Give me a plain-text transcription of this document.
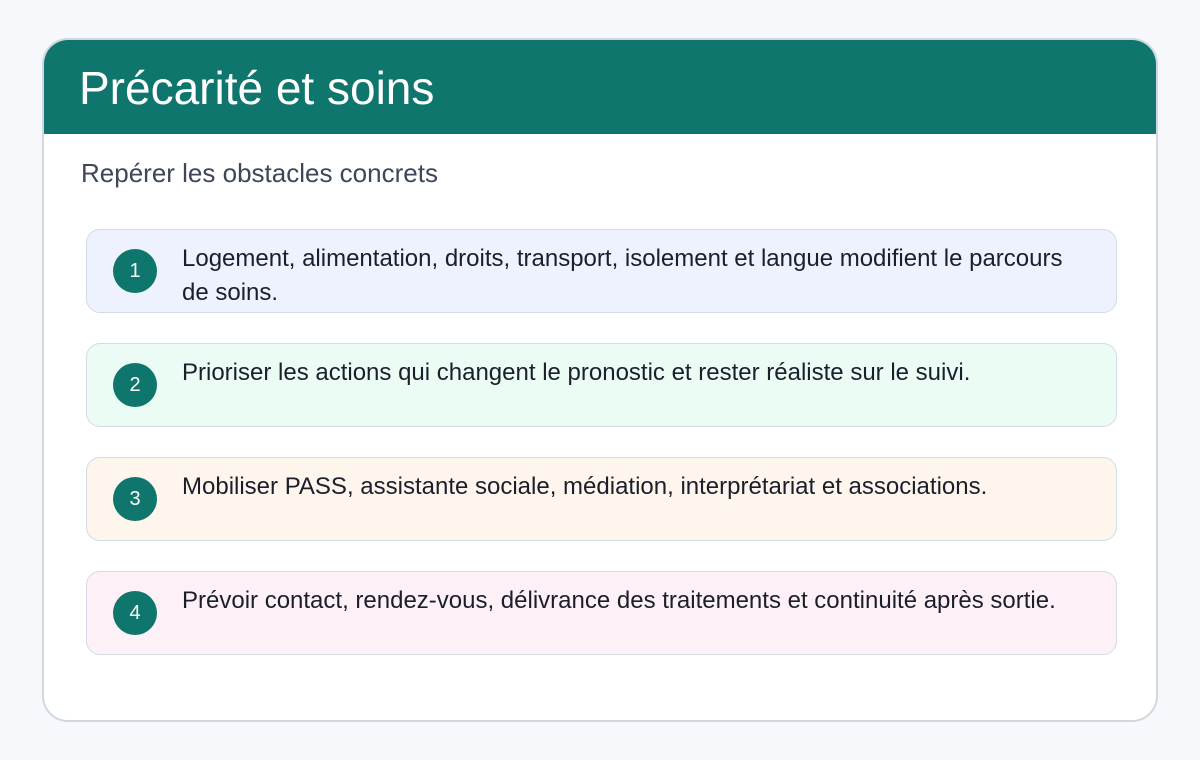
Précarité et soins

Repérer les obstacles concrets

1	Logement, alimentation, droits, transport, isolement et langue modifient le parcours de soins.

2	Prioriser les actions qui changent le pronostic et rester réaliste sur le suivi.

3	Mobiliser PASS, assistante sociale, médiation, interprétariat et associations.

4	Prévoir contact, rendez-vous, délivrance des traitements et continuité après sortie.
